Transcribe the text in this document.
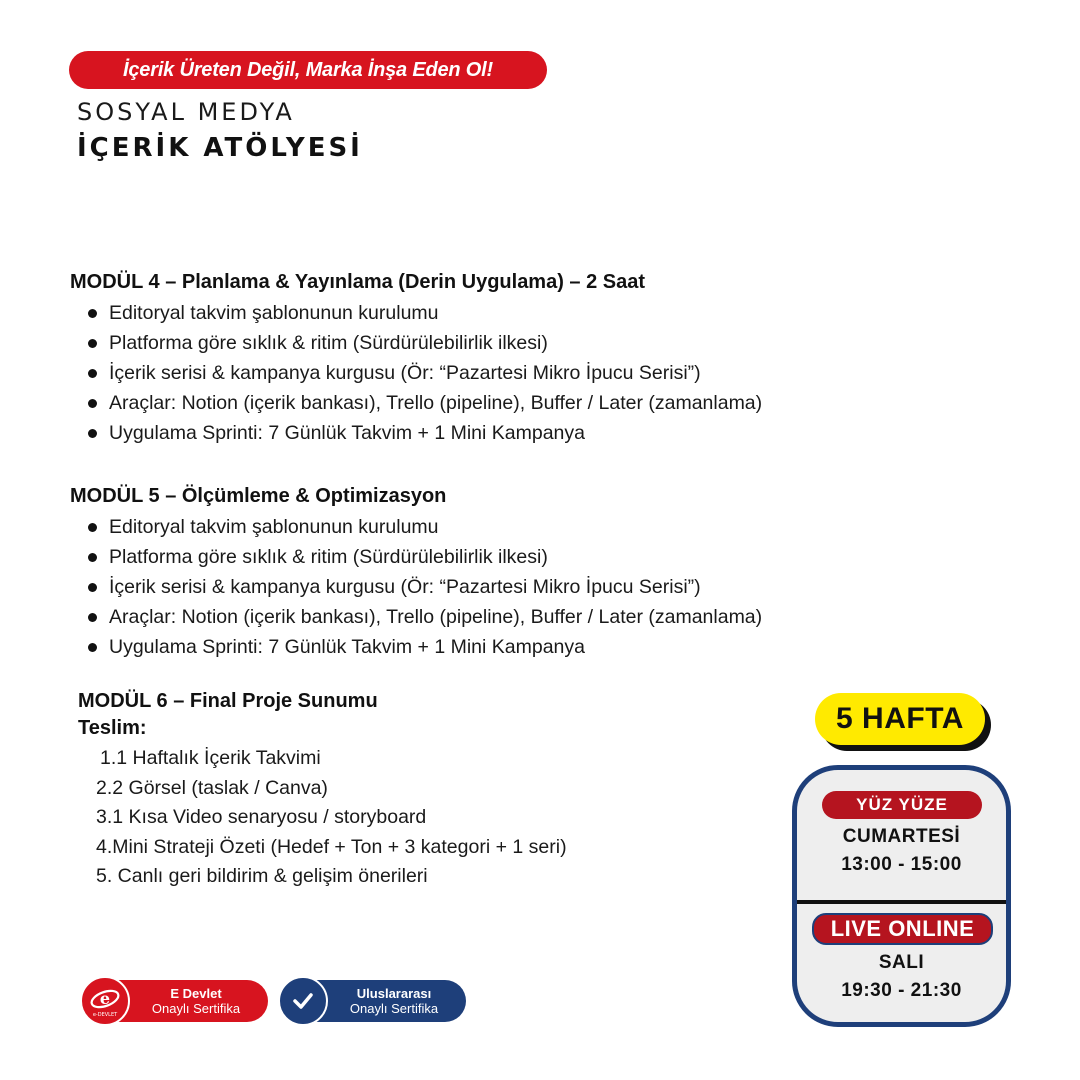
İçerik Üreten Değil, Marka İnşa Eden Ol!
SOSYAL MEDYA
İÇERİK ATÖLYESİ
MODÜL 4 – Planlama & Yayınlama (Derin Uygulama) – 2 Saat
Editoryal takvim şablonunun kurulumu
Platforma göre sıklık & ritim (Sürdürülebilirlik ilkesi)
İçerik serisi & kampanya kurgusu (Ör: “Pazartesi Mikro İpucu Serisi”)
Araçlar: Notion (içerik bankası), Trello (pipeline), Buffer / Later (zamanlama)
Uygulama Sprinti: 7 Günlük Takvim + 1 Mini Kampanya
MODÜL 5 – Ölçümleme & Optimizasyon
Editoryal takvim şablonunun kurulumu
Platforma göre sıklık & ritim (Sürdürülebilirlik ilkesi)
İçerik serisi & kampanya kurgusu (Ör: “Pazartesi Mikro İpucu Serisi”)
Araçlar: Notion (içerik bankası), Trello (pipeline), Buffer / Later (zamanlama)
Uygulama Sprinti: 7 Günlük Takvim + 1 Mini Kampanya
MODÜL 6 – Final Proje Sunumu
Teslim:
1.1 Haftalık İçerik Takvimi
2.2 Görsel (taslak / Canva)
3.1 Kısa Video senaryosu / storyboard
4.Mini Strateji Özeti (Hedef + Ton + 3 kategori + 1 seri)
5. Canlı geri bildirim & gelişim önerileri
5 HAFTA
YÜZ YÜZE
CUMARTESİ
13:00 - 15:00
LIVE ONLINE
SALI
19:30 - 21:30
e
e-DEVLET
E Devlet
Onaylı Sertifika
Uluslararası
Onaylı Sertifika
